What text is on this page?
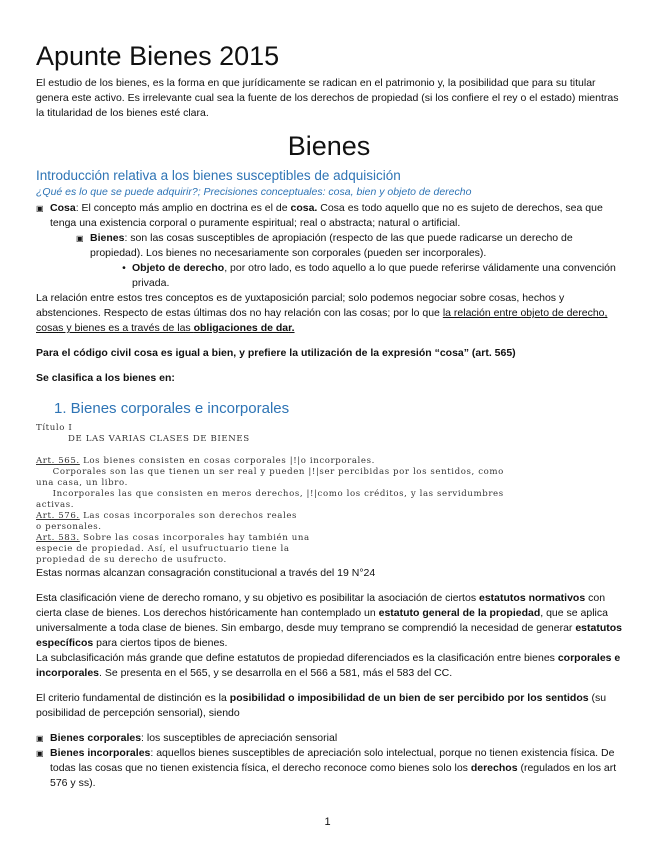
Apunte Bienes 2015

El estudio de los bienes, es la forma en que jurídicamente se radican en el patrimonio y, la posibilidad que para su titular genera este activo. Es irrelevante cual sea la fuente de los derechos de propiedad (si los confiere el rey o el estado) mientras la titularidad de los bienes esté clara.

Bienes
Introducción relativa a los bienes susceptibles de adquisición
¿Qué es lo que se puede adquirir?; Precisiones conceptuales: cosa, bien y objeto de derecho
▣ Cosa: El concepto más amplio en doctrina es el de cosa. Cosa es todo aquello que no es sujeto de derechos, sea que tenga una existencia corporal o puramente espiritual; real o abstracta; natural o artificial.
▣ Bienes: son las cosas susceptibles de apropiación (respecto de las que puede radicarse un derecho de propiedad). Los bienes no necesariamente son corporales (pueden ser incorporales).
• Objeto de derecho, por otro lado, es todo aquello a lo que puede referirse válidamente una convención privada.

La relación entre estos tres conceptos es de yuxtaposición parcial; solo podemos negociar sobre cosas, hechos y abstenciones. Respecto de estas últimas dos no hay relación con las cosas; por lo que la relación entre objeto de derecho, cosas y bienes es a través de las obligaciones de dar.

Para el código civil cosa es igual a bien, y prefiere la utilización de la expresión “cosa” (art. 565)

Se clasifica a los bienes en:

1. Bienes corporales e incorporales
Título I
DE LAS VARIAS CLASES DE BIENES

Art. 565. Los bienes consisten en cosas corporales |!|o incorporales.
Corporales son las que tienen un ser real y pueden |!|ser percibidas por los sentidos, como
una casa, un libro.
Incorporales las que consisten en meros derechos, |!|como los créditos, y las servidumbres
activas.
Art. 576. Las cosas incorporales son derechos reales
o personales.
Art. 583. Sobre las cosas incorporales hay también una
especie de propiedad. Así, el usufructuario tiene la
propiedad de su derecho de usufructo.

Estas normas alcanzan consagración constitucional a través del 19 N°24

Esta clasificación viene de derecho romano, y su objetivo es posibilitar la asociación de ciertos estatutos normativos con cierta clase de bienes. Los derechos históricamente han contemplado un estatuto general de la propiedad, que se aplica universalmente a toda clase de bienes. Sin embargo, desde muy temprano se comprendió la necesidad de generar estatutos específicos para ciertos tipos de bienes.

La subclasificación más grande que define estatutos de propiedad diferenciados es la clasificación entre bienes corporales e incorporales. Se presenta en el 565, y se desarrolla en el 566 a 581, más el 583 del CC.

El criterio fundamental de distinción es la posibilidad o imposibilidad de un bien de ser percibido por los sentidos (su posibilidad de percepción sensorial), siendo

▣ Bienes corporales: los susceptibles de apreciación sensorial
▣ Bienes incorporales: aquellos bienes susceptibles de apreciación solo intelectual, porque no tienen existencia física. De todas las cosas que no tienen existencia física, el derecho reconoce como bienes solo los derechos (regulados en los art 576 y ss).
1
